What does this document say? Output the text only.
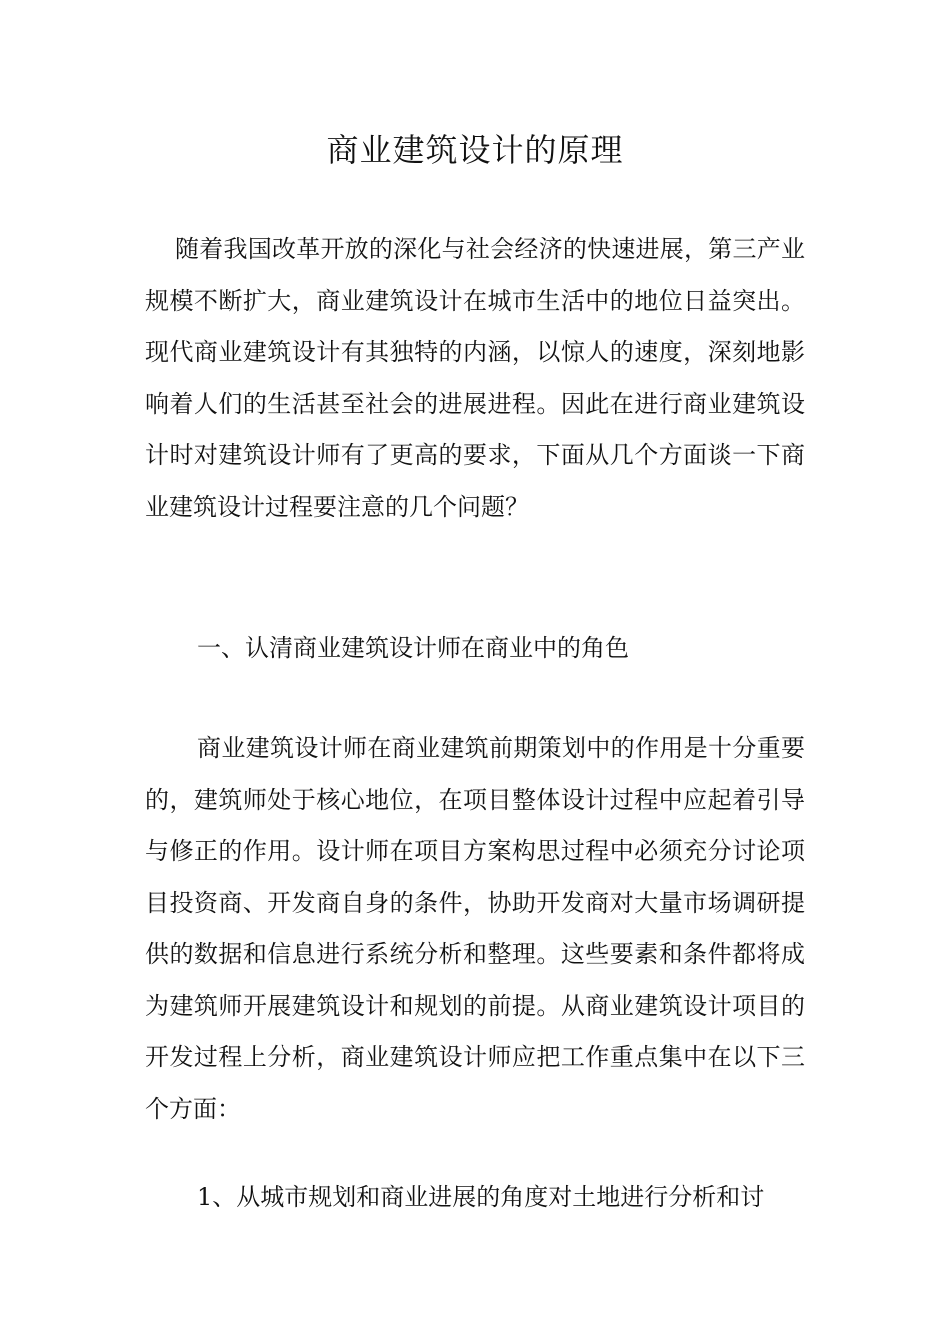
商业建筑设计的原理

随着我国改革开放的深化与社会经济的快速进展，第三产业规模不断扩大，商业建筑设计在城市生活中的地位日益突出。现代商业建筑设计有其独特的内涵，以惊人的速度，深刻地影响着人们的生活甚至社会的进展进程。因此在进行商业建筑设计时对建筑设计师有了更高的要求，下面从几个方面谈一下商业建筑设计过程要注意的几个问题？

一、认清商业建筑设计师在商业中的角色

商业建筑设计师在商业建筑前期策划中的作用是十分重要的，建筑师处于核心地位，在项目整体设计过程中应起着引导与修正的作用。设计师在项目方案构思过程中必须充分讨论项目投资商、开发商自身的条件，协助开发商对大量市场调研提供的数据和信息进行系统分析和整理。这些要素和条件都将成为建筑师开展建筑设计和规划的前提。从商业建筑设计项目的开发过程上分析，商业建筑设计师应把工作重点集中在以下三个方面：

1、从城市规划和商业进展的角度对土地进行分析和讨
